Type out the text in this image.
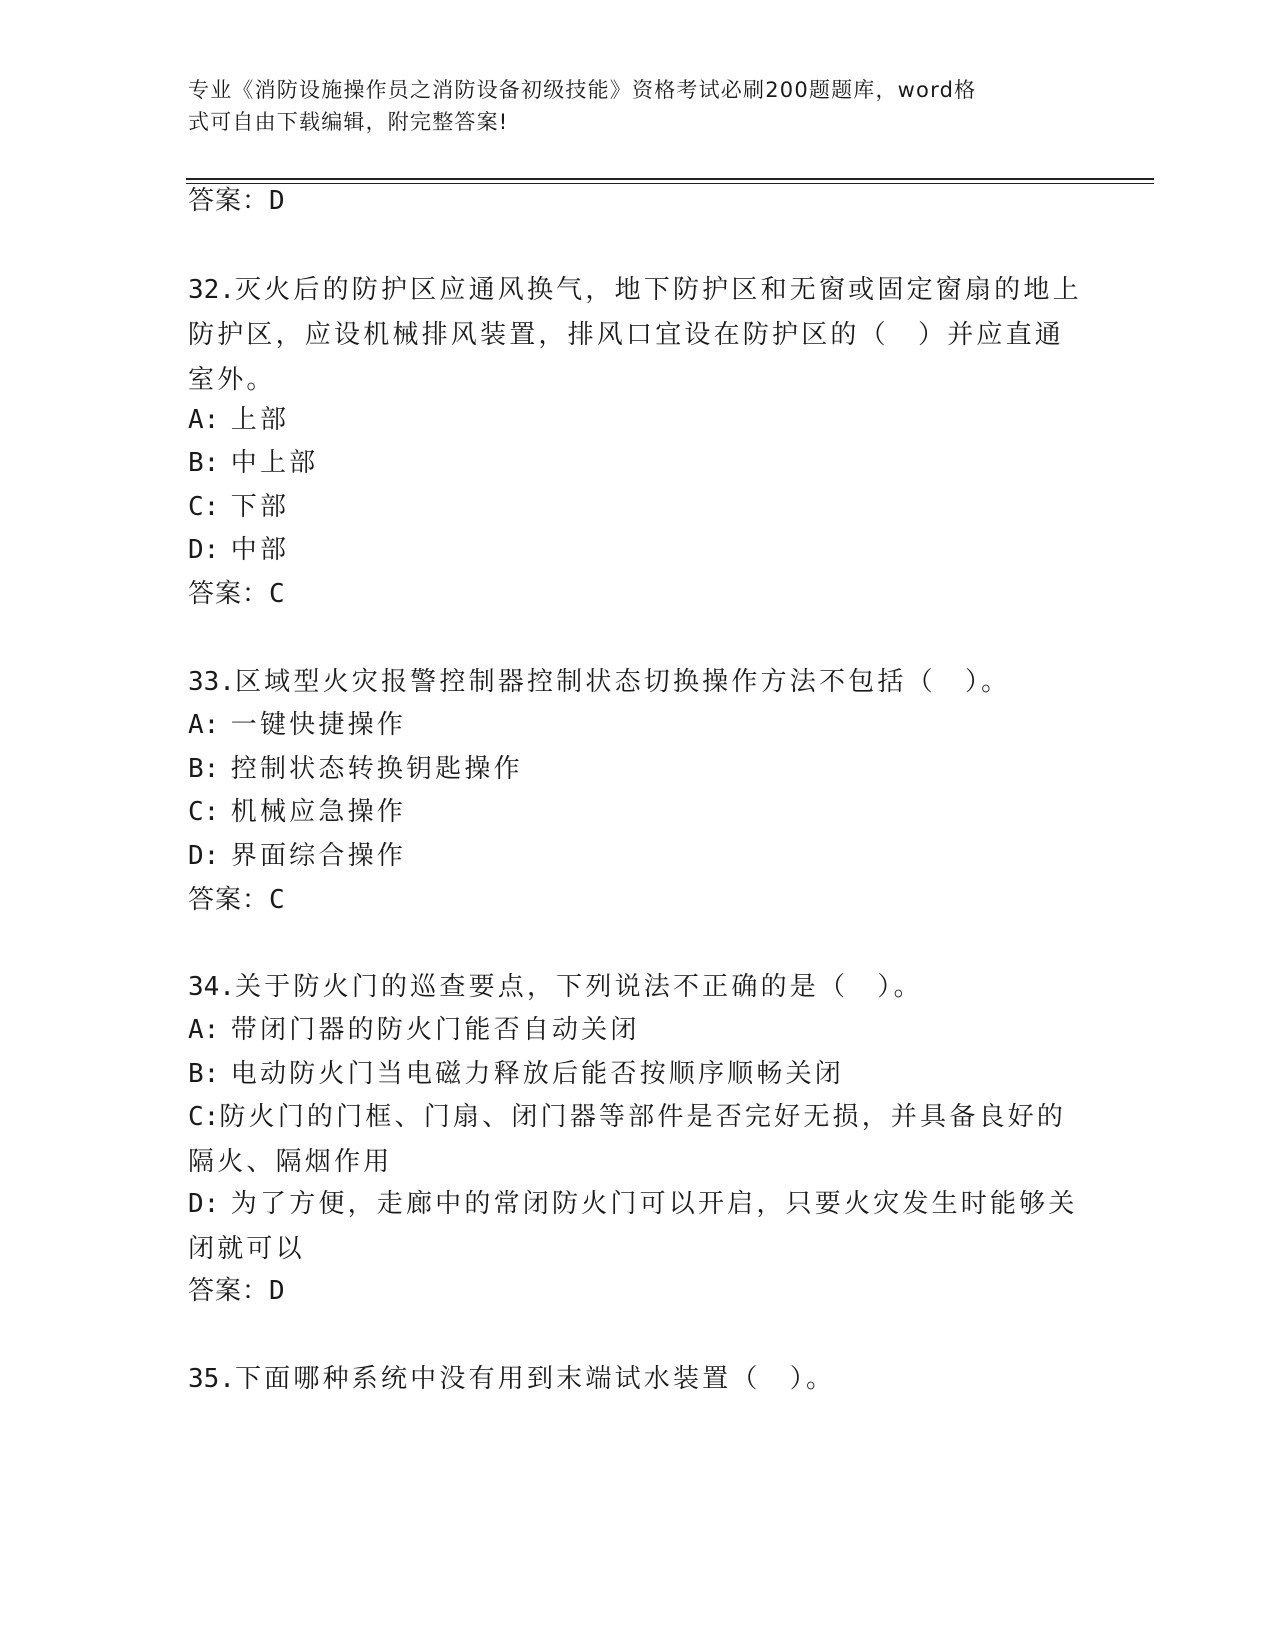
专业《消防设施操作员之消防设备初级技能》资格考试必刷200题题库，word格
式可自由下载编辑，附完整答案!
答案：D
32.灭火后的防护区应通风换气，地下防护区和无窗或固定窗扇的地上
防护区，应设机械排风装置，排风口宜设在防护区的（　）并应直通
室外。
A: 上部
B: 中上部
C: 下部
D: 中部
答案：C
33.区域型火灾报警控制器控制状态切换操作方法不包括（　）。
A: 一键快捷操作
B: 控制状态转换钥匙操作
C: 机械应急操作
D: 界面综合操作
答案：C
34.关于防火门的巡查要点，下列说法不正确的是（　）。
A: 带闭门器的防火门能否自动关闭
B: 电动防火门当电磁力释放后能否按顺序顺畅关闭
C:防火门的门框、门扇、闭门器等部件是否完好无损，并具备良好的
隔火、隔烟作用
D: 为了方便，走廊中的常闭防火门可以开启，只要火灾发生时能够关
闭就可以
答案：D
35.下面哪种系统中没有用到末端试水装置（　）。
